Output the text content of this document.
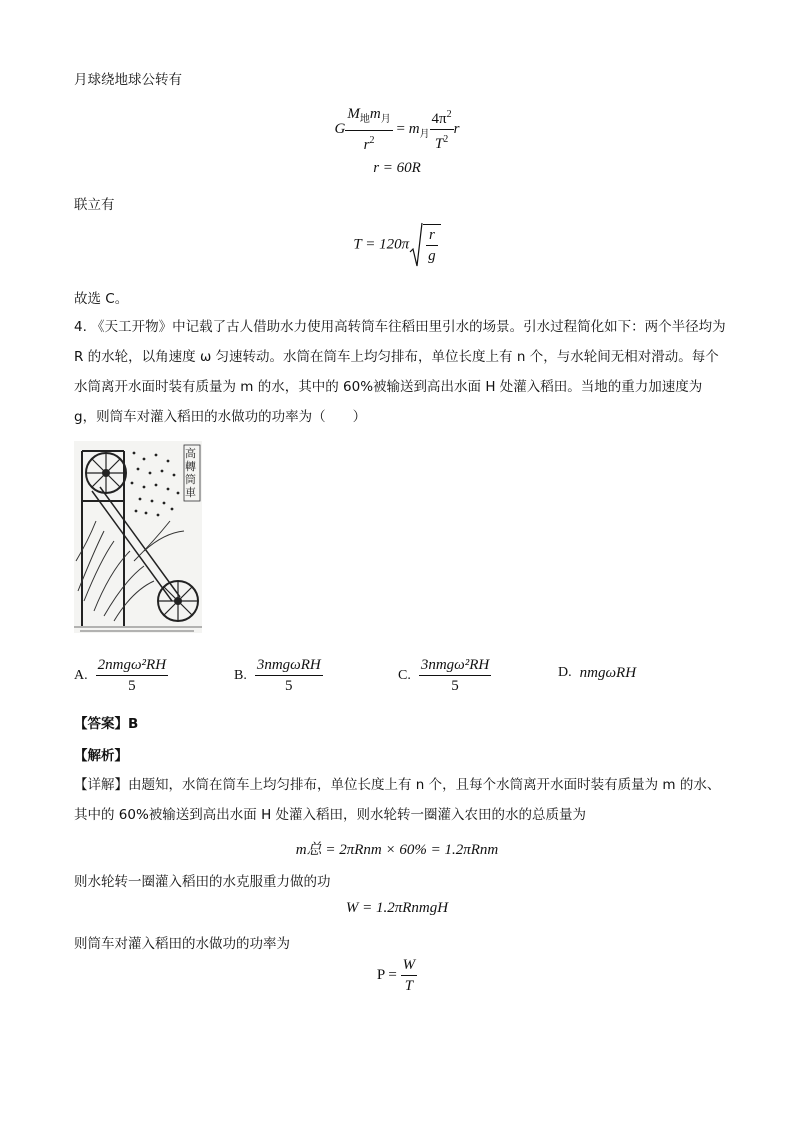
月球绕地球公转有
G $\frac{M_地m_月}{r^2} = m_月 \frac{4\pi^2}{T^2}$ r
r = 60R
联立有
$T = 120\pi \frac{r}{g}$
故选 C。
4. 《天工开物》中记载了古人借助水力使用高转筒车往稻田里引水的场景。引水过程简化如下：两个半径均为 R 的水轮，以角速度 ω 匀速转动。水筒在筒车上均匀排布，单位长度上有 n 个，与水轮间无相对滑动。每个水筒离开水面时装有质量为 m 的水，其中的 60%被输送到高出水面 H 处灌入稻田。当地的重力加速度为 g，则筒车对灌入稻田的水做功的功率为（　　）
高轉筒車
A. $\frac{\text{2nmgω²RH}}{5}$	B. $\frac{\text{3nmgωRH}}{5}$	C. $\frac{\text{3nmgω²RH}}{5}$	D. nmgωRH
【答案】B
【解析】
【详解】由题知，水筒在筒车上均匀排布，单位长度上有 n 个，且每个水筒离开水面时装有质量为 m 的水、其中的 60%被输送到高出水面 H 处灌入稻田，则水轮转一圈灌入农田的水的总质量为
m总 = 2πRnm × 60% = 1.2πRnm
则水轮转一圈灌入稻田的水克服重力做的功
W = 1.2πRnmgH
则筒车对灌入稻田的水做功的功率为
$P = \frac{W}{T}$
